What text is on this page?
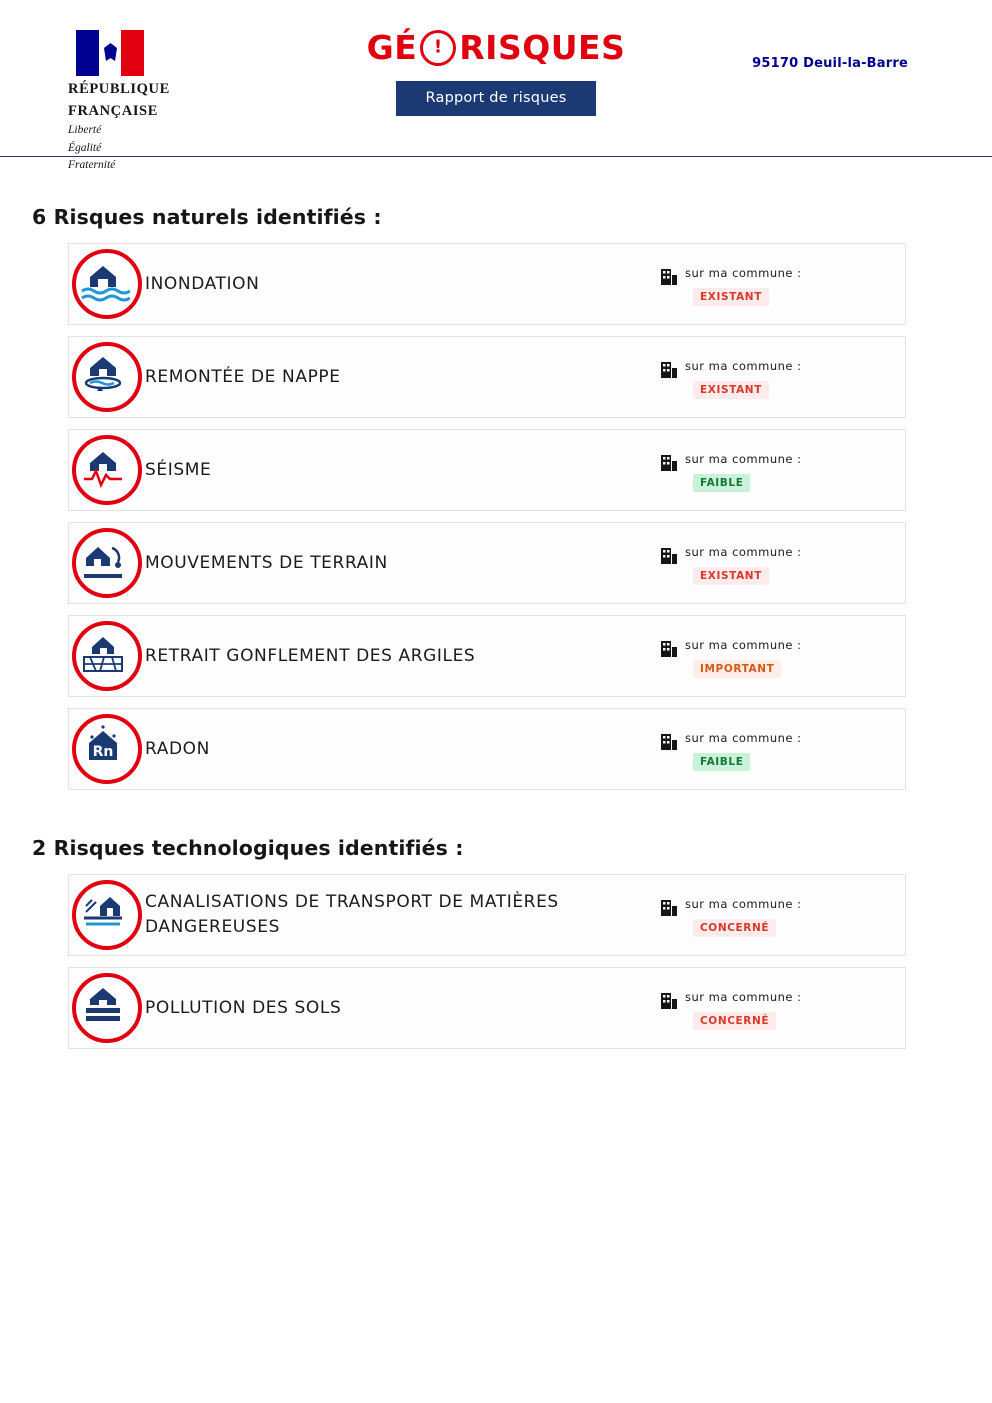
RÉPUBLIQUE
FRANÇAISE
Liberté
Égalité
Fraternité
GÉ ! RISQUES
Rapport de risques
95170 Deuil-la-Barre
6 Risques naturels identifiés :
INONDATION
sur ma commune :
EXISTANT
REMONTÉE DE NAPPE
sur ma commune :
EXISTANT
SÉISME
sur ma commune :
FAIBLE
MOUVEMENTS DE TERRAIN
sur ma commune :
EXISTANT
RETRAIT GONFLEMENT DES ARGILES
sur ma commune :
IMPORTANT
Rn RADON
sur ma commune :
FAIBLE
2 Risques technologiques identifiés :
CANALISATIONS DE TRANSPORT DE MATIÈRES DANGEREUSES
sur ma commune :
CONCERNÉ
POLLUTION DES SOLS
sur ma commune :
CONCERNÉ
